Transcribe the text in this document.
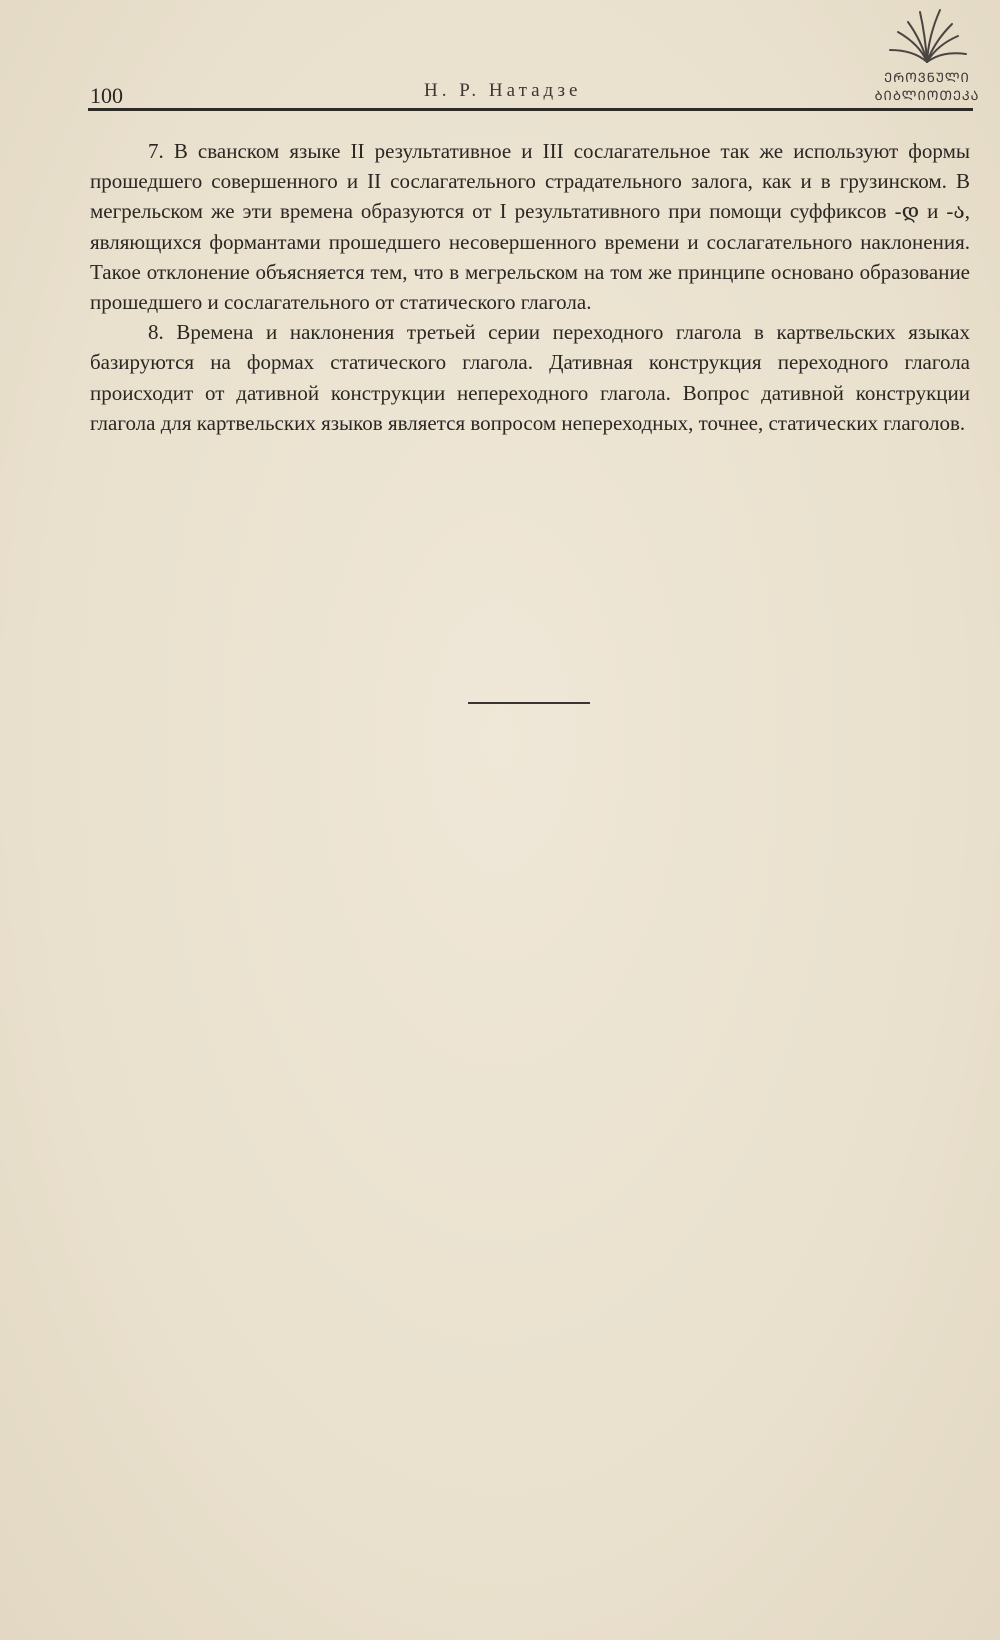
ᲔᲠᲝᲕᲜᲣᲚᲘ
ᲑᲘᲑᲚᲘᲝᲗᲔᲙᲐ
100	Н. Р. Натадзе

7. В сванском языке II результативное и III сослагательное так же используют формы прошедшего совершенного и II сослагательного страдательного залога, как и в грузинском. В мегрельском же эти времена образуются от I результативного при помощи суффиксов -დ и -ა, являющихся формантами прошедшего несовершенного времени и сослагательного наклонения. Такое отклонение объясняется тем, что в мегрельском на том же принципе основано образование прошедшего и сослагательного от статического глагола.

8. Времена и наклонения третьей серии переходного глагола в картвельских языках базируются на формах статического глагола. Дативная конструкция переходного глагола происходит от дативной конструкции непереходного глагола. Вопрос дативной конструкции глагола для картвельских языков является вопросом непереходных, точнее, статических глаголов.
